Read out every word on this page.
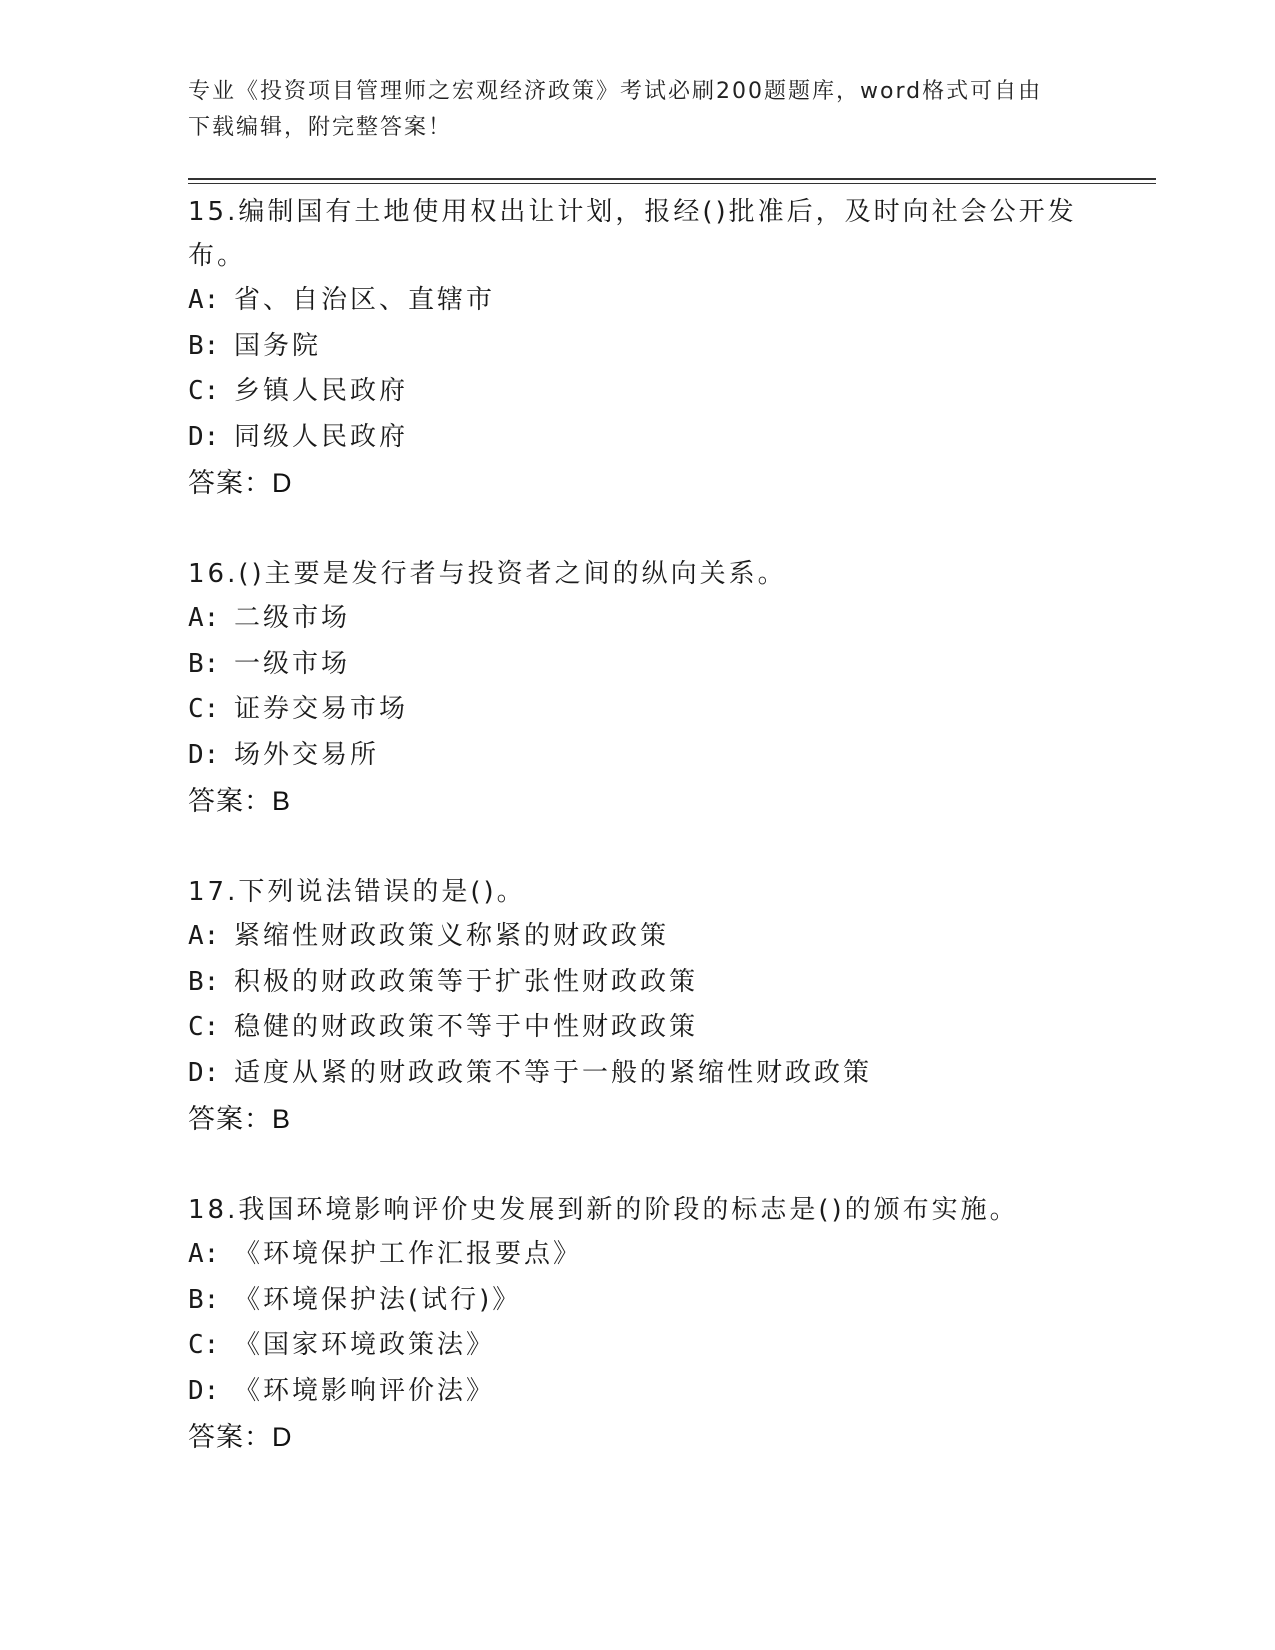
专业《投资项目管理师之宏观经济政策》考试必刷200题题库，word格式可自由
下载编辑，附完整答案！

15.编制国有土地使用权出让计划，报经()批准后，及时向社会公开发布。

A: 省、自治区、直辖市

B: 国务院

C: 乡镇人民政府

D: 同级人民政府

答案：D

16.()主要是发行者与投资者之间的纵向关系。

A: 二级市场

B: 一级市场

C: 证券交易市场

D: 场外交易所

答案：B

17.下列说法错误的是()。

A: 紧缩性财政政策义称紧的财政政策

B: 积极的财政政策等于扩张性财政政策

C: 稳健的财政政策不等于中性财政政策

D: 适度从紧的财政政策不等于一般的紧缩性财政政策

答案：B

18.我国环境影响评价史发展到新的阶段的标志是()的颁布实施。

A: 《环境保护工作汇报要点》

B: 《环境保护法(试行)》

C: 《国家环境政策法》

D: 《环境影响评价法》

答案：D
